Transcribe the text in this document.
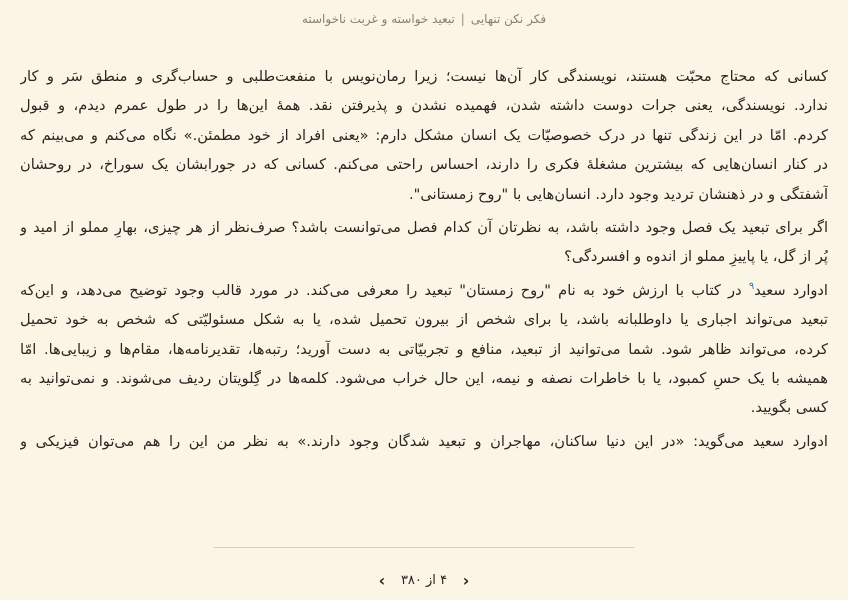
فکر نکن تنهایی
|
تبعید خواسته و غربت ناخواسته
کسانی که محتاج محبّت هستند، نویسندگی کار آن‌ها نیست؛ زیرا رمان‌نویس با منفعت‌طلبی و حساب‌گری و منطق سَر و کار
ندارد. نویسندگی، یعنی جرات دوست داشته شدن، فهمیده نشدن و پذیرفتن نقد. همهٔ این‌ها را در طول عمرم دیدم، و قبول
کردم. امّا در این زندگی تنها در درک خصوصیّات یک انسان مشکل دارم: «یعنی افراد از خود مطمئن.» نگاه می‌کنم و می‌بینم که
در کنار انسان‌هایی که بیشترین مشغلهٔ فکری را دارند، احساس راحتی می‌کنم. کسانی که در جورابشان یک سوراخ، در روحشان
آشفتگی و در ذهنشان تردید وجود دارد. انسان‌هایی با "روح زمستانی".
اگر برای تبعید یک فصل وجود داشته باشد، به نظرتان آن کدام فصل می‌توانست باشد؟ صرف‌نظر از هر چیزی، بهارِ مملو از امید و
پُر از گل، یا پاییزِ مملو از اندوه و افسردگی؟
ادوارد سعید$^۹$ در کتاب با ارزش خود به نام "روح زمستان" تبعید را معرفی می‌کند. در مورد قالب وجود توضیح می‌دهد، و این‌که
تبعید می‌تواند اجباری یا داوطلبانه باشد، یا برای شخص از بیرون تحمیل شده، یا به شکل مسئولیّتی که شخص به خود تحمیل
کرده، می‌تواند ظاهر شود. شما می‌توانید از تبعید، منافع و تجربیّاتی به دست آورید؛ رتبه‌ها، تقدیرنامه‌ها، مقام‌ها و زیبایی‌ها. امّا
همیشه با یک حسِ کمبود، یا با خاطرات نصفه و نیمه، این حال خراب می‌شود. کلمه‌ها در گِلویتان ردیف می‌شوند. و نمی‌توانید به
کسی بگویید.
ادوارد سعید می‌گوید: «در این دنیا ساکنان، مهاجران و تبعید شدگان وجود دارند.» به نظر من این را هم می‌توان فیزیکی و
‹	۴ از ۳۸۰	›
